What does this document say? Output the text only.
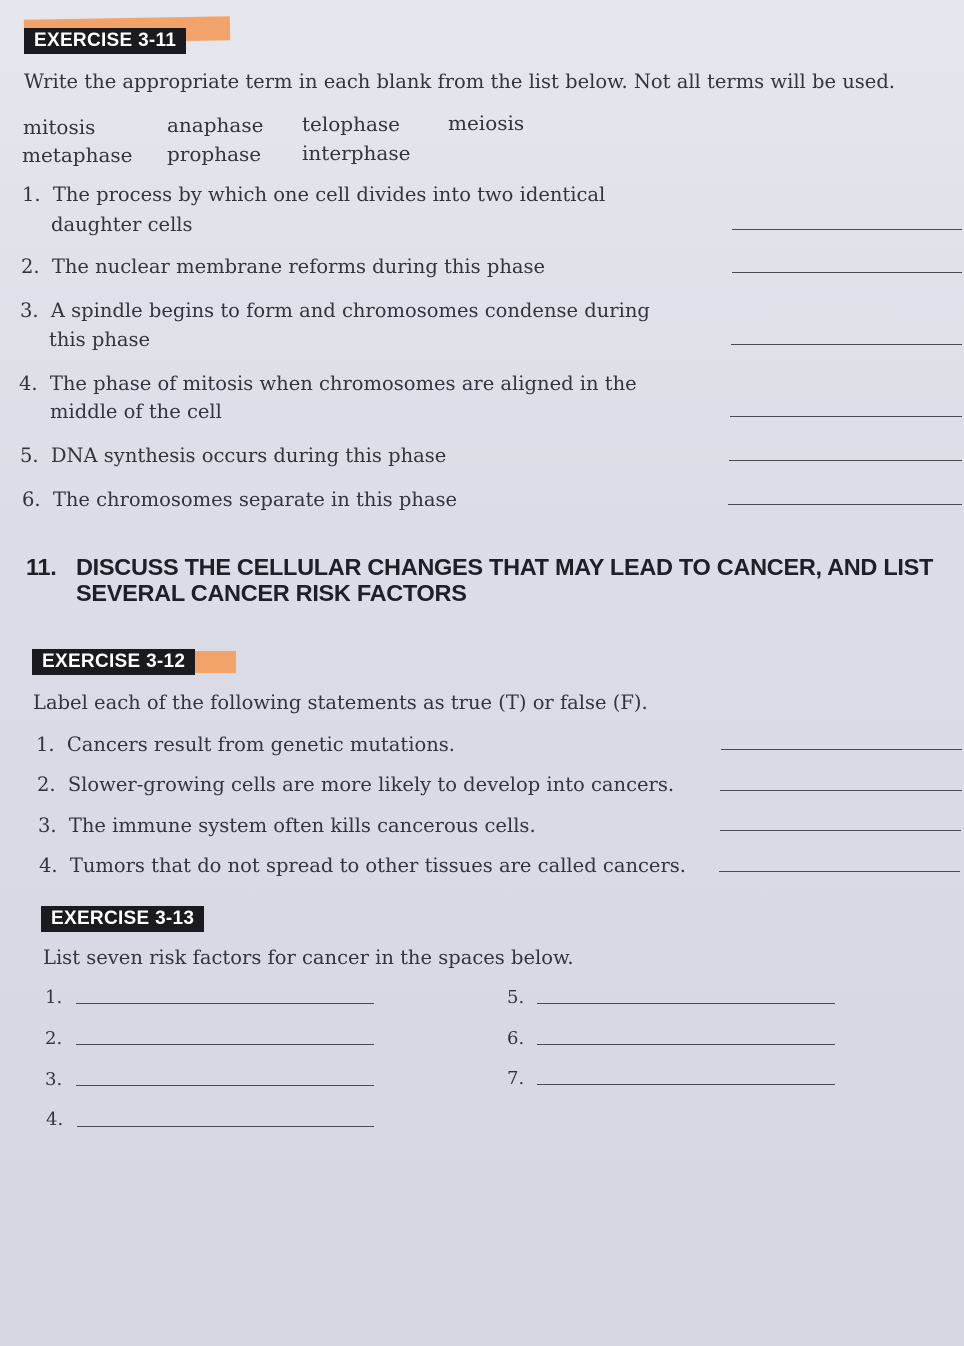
EXERCISE 3-11
Write the appropriate term in each blank from the list below. Not all terms will be used.
mitosis	anaphase telophase meiosis
metaphase prophase interphase
1. The process by which one cell divides into two identical
daughter cells
2. The nuclear membrane reforms during this phase
3. A spindle begins to form and chromosomes condense during
this phase
4. The phase of mitosis when chromosomes are aligned in the
middle of the cell
5. DNA synthesis occurs during this phase
6. The chromosomes separate in this phase
11. DISCUSS THE CELLULAR CHANGES THAT MAY LEAD TO CANCER, AND LIST
SEVERAL CANCER RISK FACTORS
EXERCISE 3-12
Label each of the following statements as true (T) or false (F).
1. Cancers result from genetic mutations.
2. Slower-growing cells are more likely to develop into cancers.
3. The immune system often kills cancerous cells.
4. Tumors that do not spread to other tissues are called cancers.
EXERCISE 3-13
List seven risk factors for cancer in the spaces below.
1.
2.
3.
4.
5.
6.
7.
